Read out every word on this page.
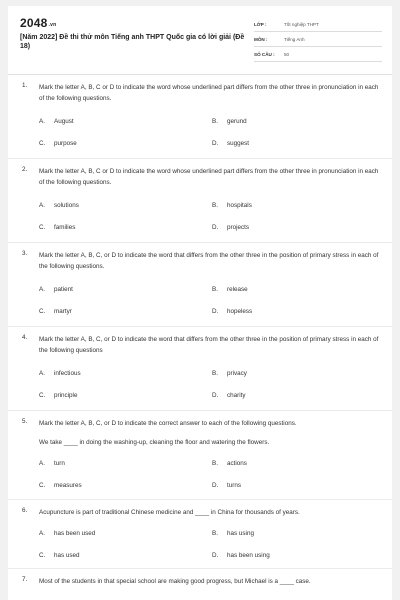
2048.vn
[Năm 2022] Đề thi thử môn Tiếng anh THPT Quốc gia có lời giải (Đề 18)
LỚP :	Tốt nghiệp THPT
MÔN :	Tiếng Anh
SỐ CÂU : 50
1. Mark the letter A, B, C or D to indicate the word whose underlined part differs from the other three in pronunciation in each of the following questions.
A. August	B. gerund
C. purpose	D. suggest
2. Mark the letter A, B, C or D to indicate the word whose underlined part differs from the other three in pronunciation in each of the following questions.
A. solutions	B. hospitals
C. families	D. projects
3. Mark the letter A, B, C, or D to indicate the word that differs from the other three in the position of primary stress in each of the following questions.
A. patient	B. release
C. martyr	D. hopeless
4. Mark the letter A, B, C, or D to indicate the word that differs from the other three in the position of primary stress in each of the following questions
A. infectious	B. privacy
C. principle	D. charity
5. Mark the letter A, B, C, or D to indicate the correct answer to each of the following questions.
We take ____ in doing the washing-up, cleaning the floor and watering the flowers.
A. turn	B. actions
C. measures	D. turns
6. Acupuncture is part of traditional Chinese medicine and ____ in China for thousands of years.
A. has been used	B. has using
C. has used	D. has been using
7. Most of the students in that special school are making good progress, but Michael is a ____ case.
